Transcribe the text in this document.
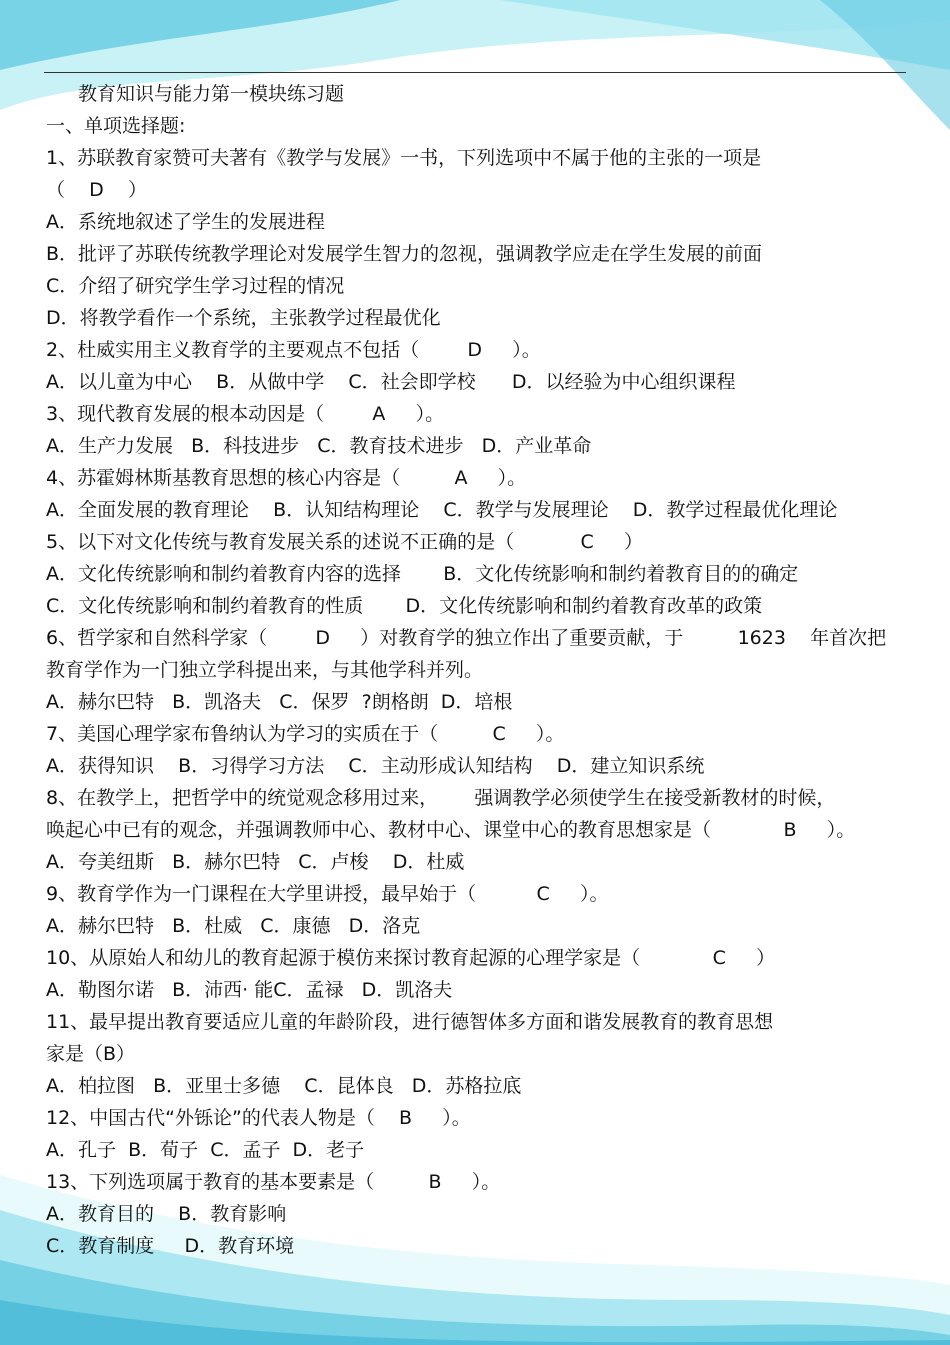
教育知识与能力第一模块练习题
一、单项选择题:
1、苏联教育家赞可夫著有《教学与发展》一书，下列选项中不属于他的主张的一项是
（    D    ）
A．系统地叙述了学生的发展进程
B．批评了苏联传统教学理论对发展学生智力的忽视，强调教学应走在学生发展的前面
C．介绍了研究学生学习过程的情况
D．将教学看作一个系统，主张教学过程最优化
2、杜威实用主义教育学的主要观点不包括（        D     ）。
A．以儿童为中心    B．从做中学    C．社会即学校      D．以经验为中心组织课程
3、现代教育发展的根本动因是（        A     ）。
A．生产力发展   B．科技进步   C．教育技术进步   D．产业革命
4、苏霍姆林斯基教育思想的核心内容是（         A     ）。
A．全面发展的教育理论    B．认知结构理论    C．教学与发展理论    D．教学过程最优化理论
5、以下对文化传统与教育发展关系的述说不正确的是（           C     ）
A．文化传统影响和制约着教育内容的选择       B．文化传统影响和制约着教育目的的确定
C．文化传统影响和制约着教育的性质       D．文化传统影响和制约着教育改革的政策
6、哲学家和自然科学家（        D     ）对教育学的独立作出了重要贡献，于         1623    年首次把
教育学作为一门独立学科提出来，与其他学科并列。
A．赫尔巴特   B．凯洛夫   C．保罗  ?朗格朗  D．培根
7、美国心理学家布鲁纳认为学习的实质在于（         C     ）。
A．获得知识    B．习得学习方法    C．主动形成认知结构    D．建立知识系统
8、在教学上，把哲学中的统觉观念移用过来，      强调教学必须使学生在接受新教材的时候，
唤起心中已有的观念，并强调教师中心、教材中心、课堂中心的教育思想家是（            B     ）。
A．夸美纽斯   B．赫尔巴特   C．卢梭    D．杜威
9、教育学作为一门课程在大学里讲授，最早始于（          C     ）。
A．赫尔巴特   B．杜威   C．康德   D．洛克
10、从原始人和幼儿的教育起源于模仿来探讨教育起源的心理学家是（            C     ）
A．勒图尔诺   B．沛西· 能C．孟禄   D．凯洛夫
11、最早提出教育要适应儿童的年龄阶段，进行德智体多方面和谐发展教育的教育思想
家是（B）
A．柏拉图   B．亚里士多德    C．昆体良   D．苏格拉底
12、中国古代“外铄论”的代表人物是（    B     ）。
A．孔子  B．荀子  C．孟子  D．老子
13、下列选项属于教育的基本要素是（         B     ）。
A．教育目的    B．教育影响
C．教育制度     D．教育环境
